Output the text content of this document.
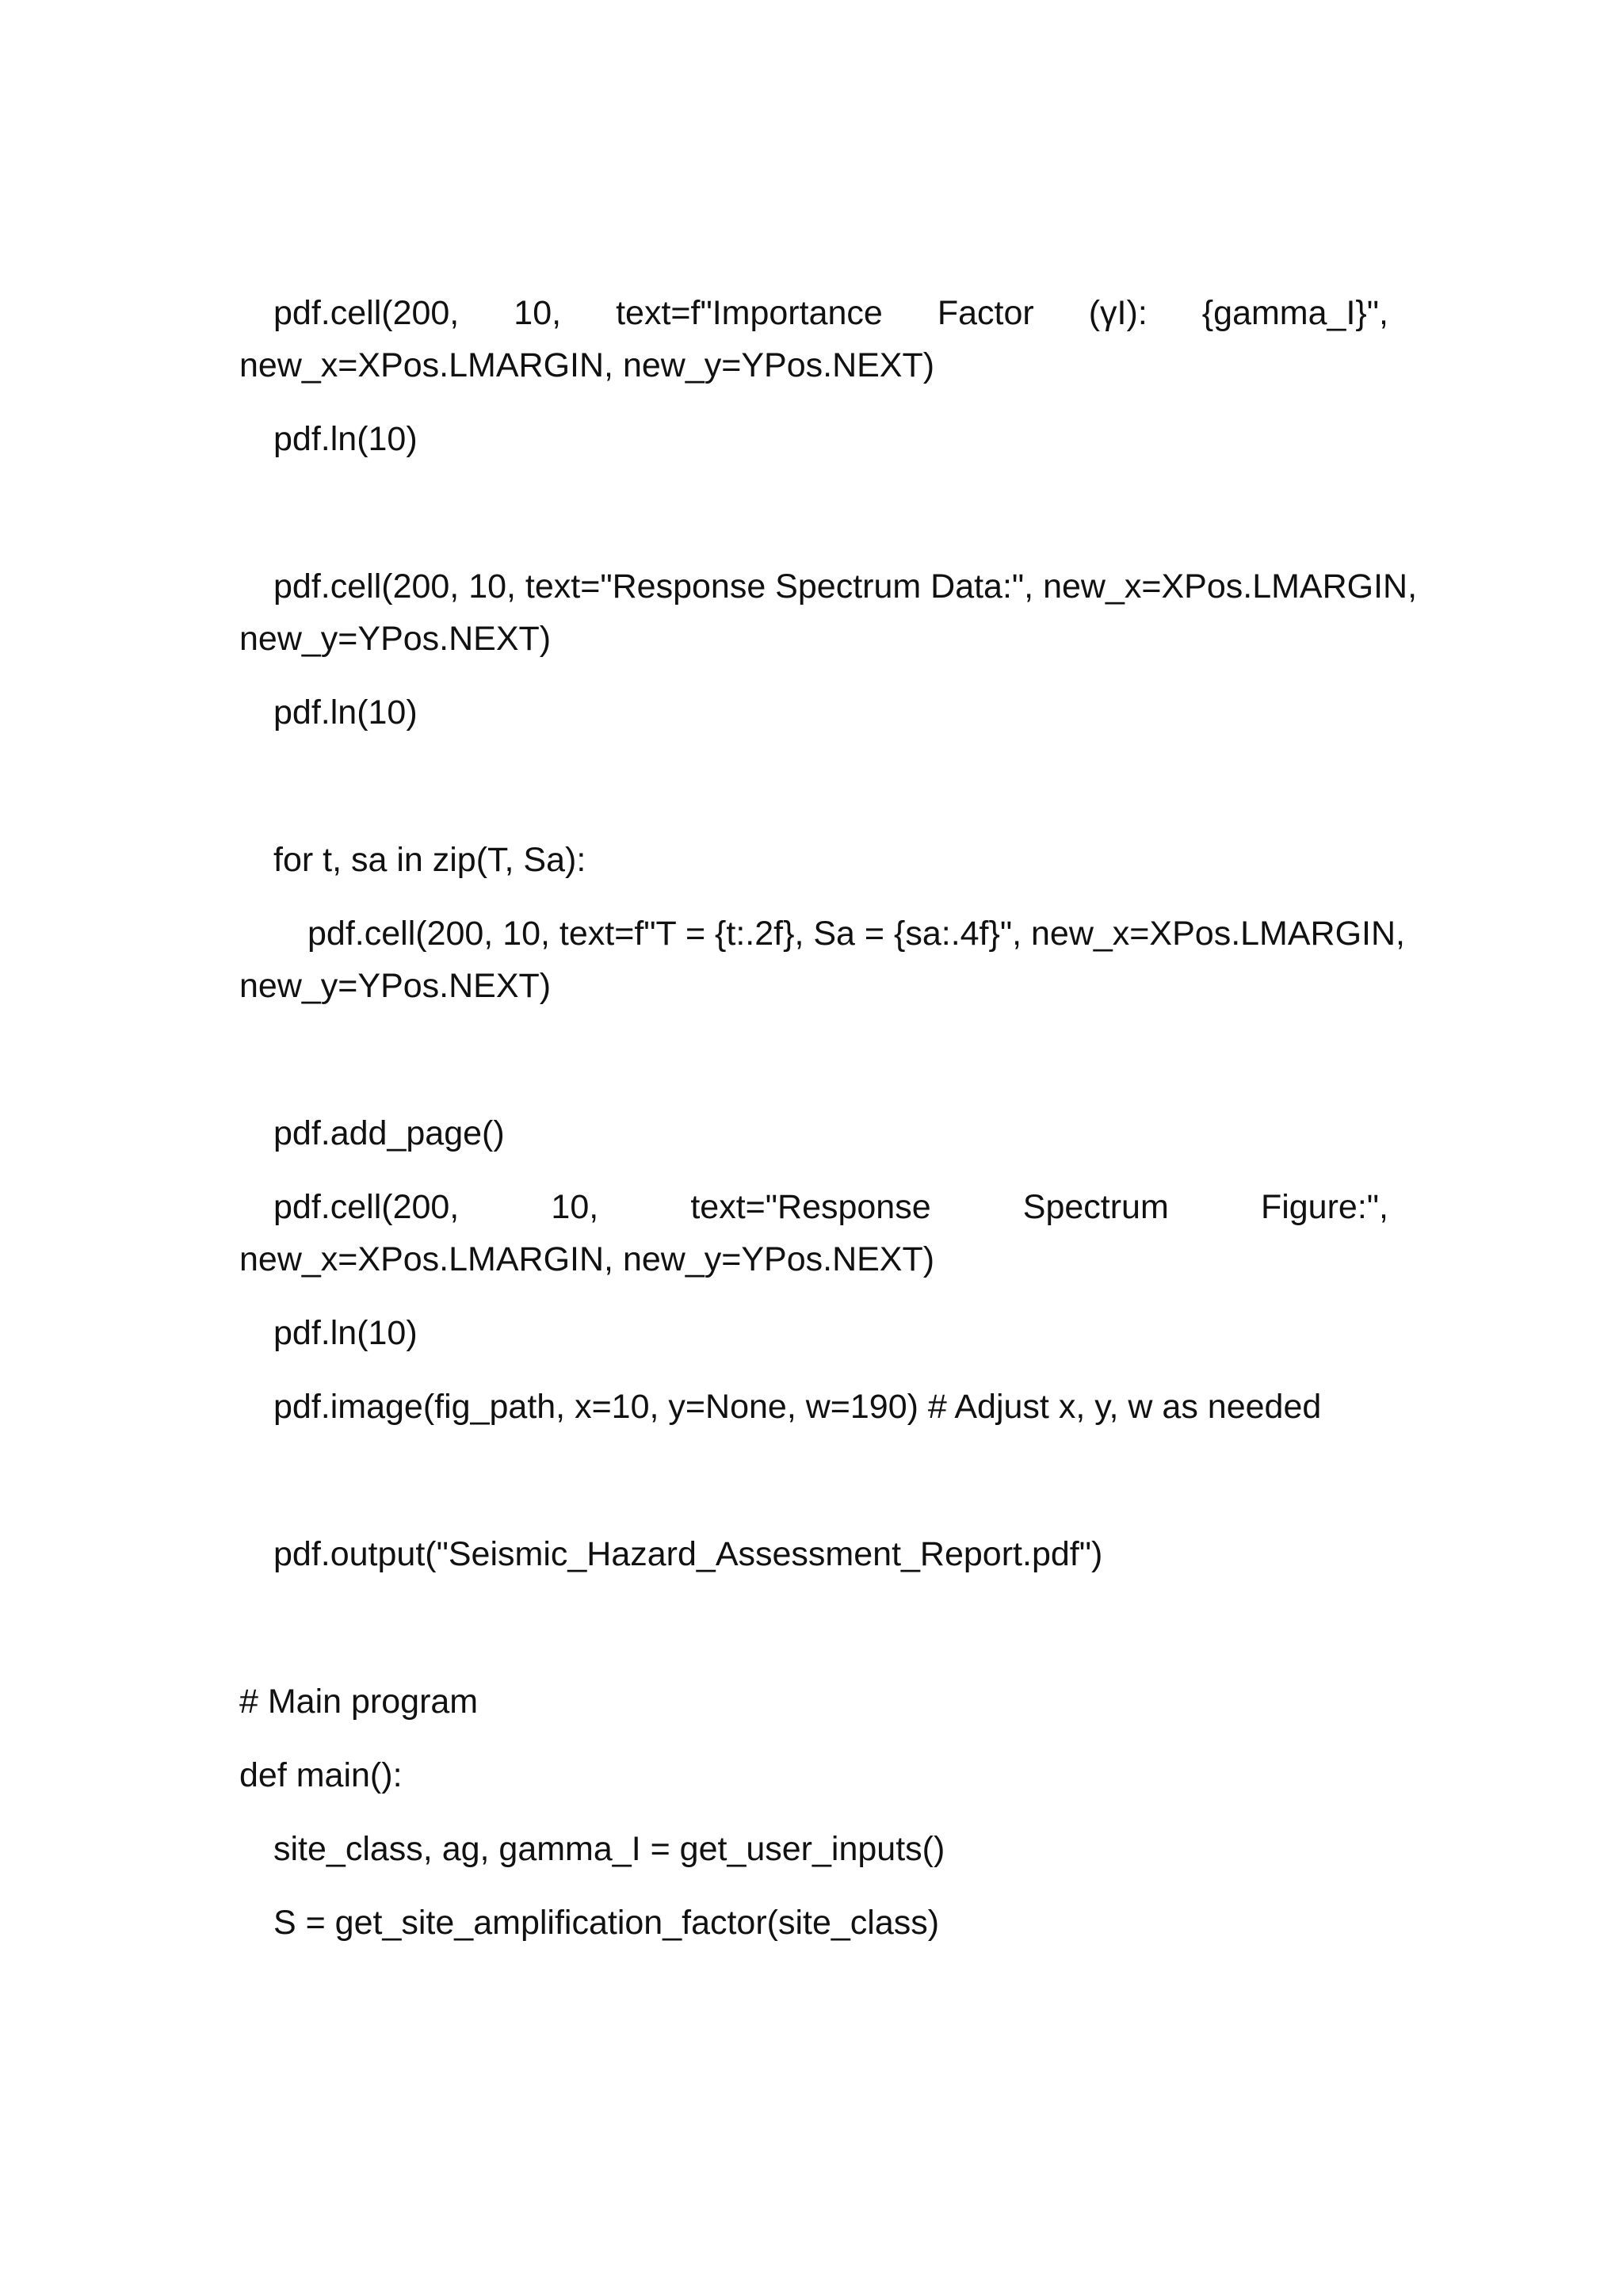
pdf.cell(200, 10, text=f"Importance Factor (γI): {gamma_I}",
new_x=XPos.LMARGIN, new_y=YPos.NEXT)
pdf.ln(10)
pdf.cell(200, 10, text="Response Spectrum Data:", new_x=XPos.LMARGIN,
new_y=YPos.NEXT)
pdf.ln(10)
for t, sa in zip(T, Sa):
pdf.cell(200, 10, text=f"T = {t:.2f}, Sa = {sa:.4f}", new_x=XPos.LMARGIN,
new_y=YPos.NEXT)
pdf.add_page()
pdf.cell(200,	10,	text="Response	Spectrum	Figure:",
new_x=XPos.LMARGIN, new_y=YPos.NEXT)
pdf.ln(10)
pdf.image(fig_path, x=10, y=None, w=190) # Adjust x, y, w as needed
pdf.output("Seismic_Hazard_Assessment_Report.pdf")
# Main program
def main():
site_class, ag, gamma_I = get_user_inputs()
S = get_site_amplification_factor(site_class)
